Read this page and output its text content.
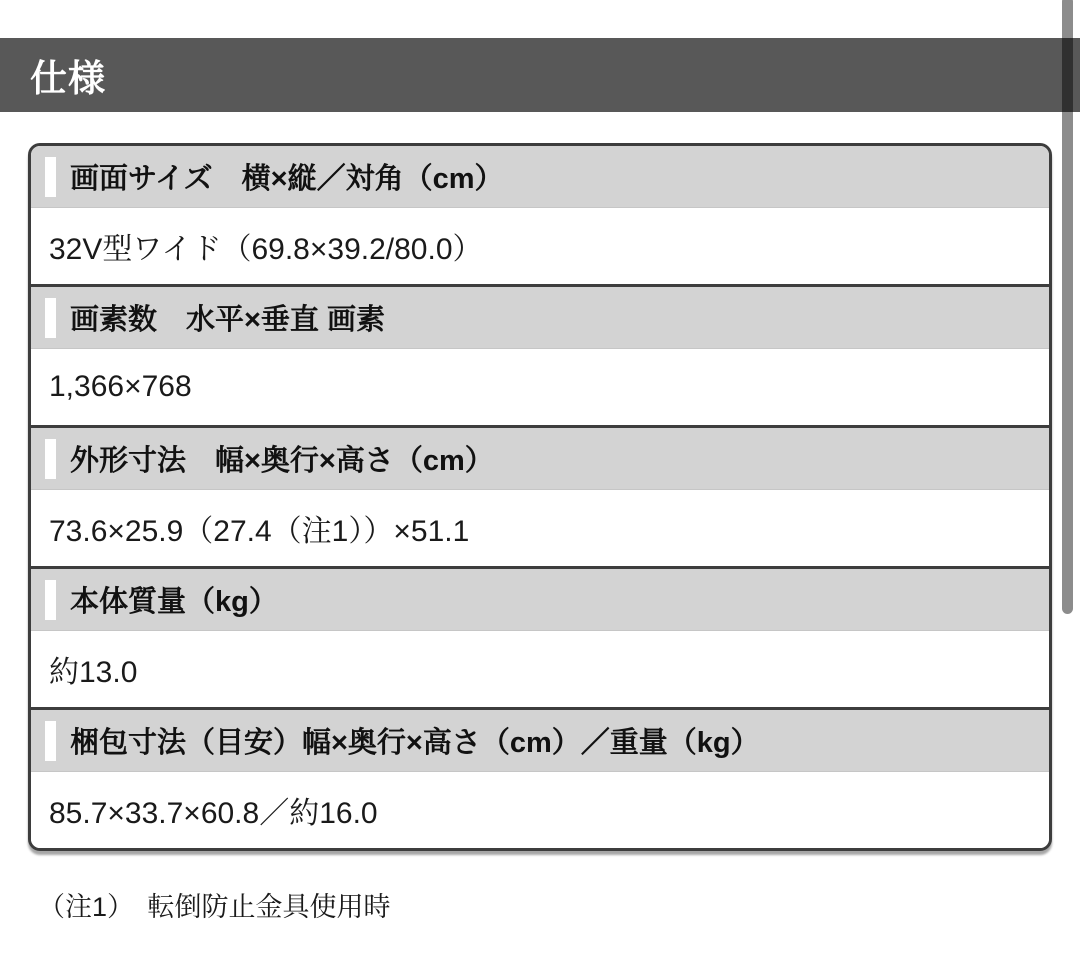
仕様
画面サイズ　横×縦／対角（cm）
32V型ワイド（69.8×39.2/80.0）
画素数　水平×垂直 画素
1,366×768
外形寸法　幅×奥行×高さ（cm）
73.6×25.9（27.4（注1））×51.1
本体質量（kg）
約13.0
梱包寸法（目安）幅×奥行×高さ（cm）／重量（kg）
85.7×33.7×60.8／約16.0
（注1）　転倒防止金具使用時
